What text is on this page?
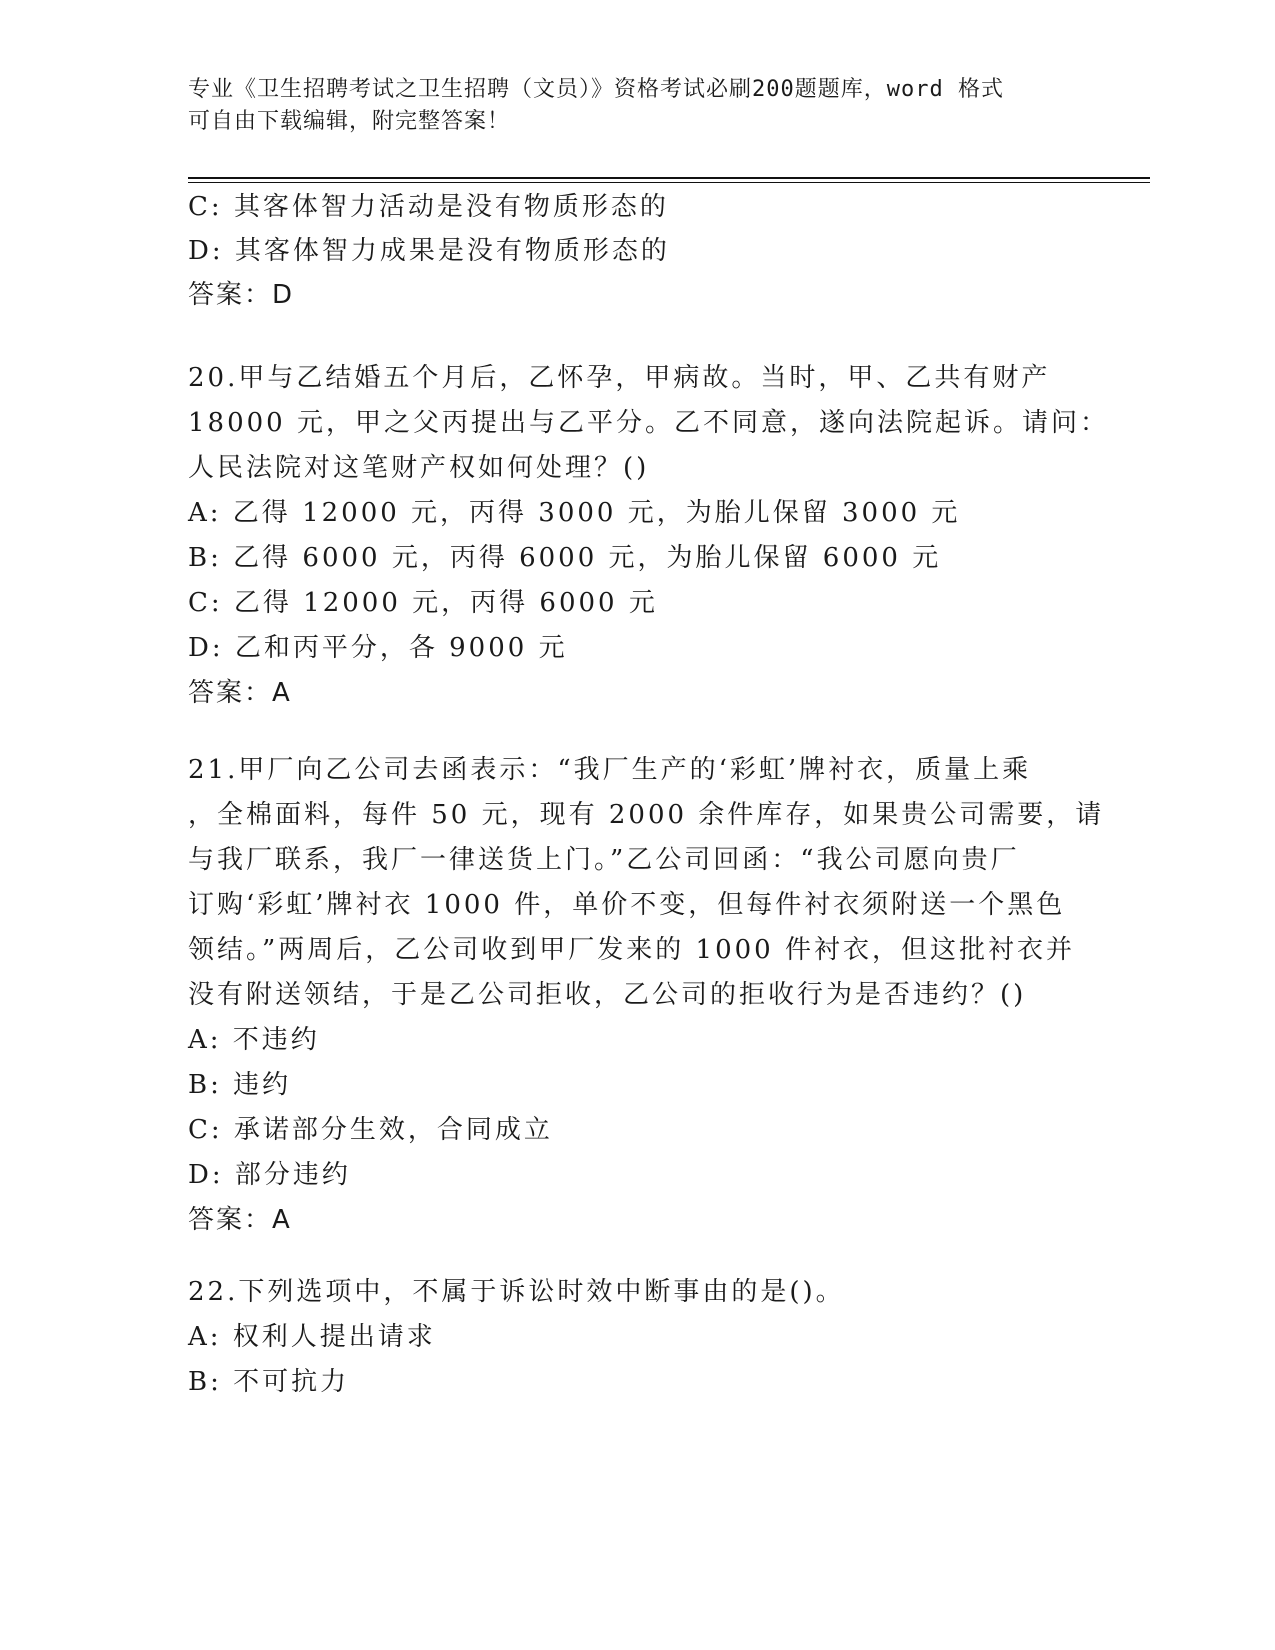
专业《卫生招聘考试之卫生招聘（文员）》资格考试必刷200题题库，word 格式
可自由下载编辑，附完整答案！
C: 其客体智力活动是没有物质形态的
D: 其客体智力成果是没有物质形态的
答案：D
20.甲与乙结婚五个月后，乙怀孕，甲病故。当时，甲、乙共有财产
18000 元，甲之父丙提出与乙平分。乙不同意，遂向法院起诉。请问：
人民法院对这笔财产权如何处理？()
A: 乙得 12000 元，丙得 3000 元，为胎儿保留 3000 元
B: 乙得 6000 元，丙得 6000 元，为胎儿保留 6000 元
C: 乙得 12000 元，丙得 6000 元
D: 乙和丙平分，各 9000 元
答案：A
21.甲厂向乙公司去函表示：“我厂生产的‘彩虹’牌衬衣，质量上乘
，全棉面料，每件 50 元，现有 2000 余件库存，如果贵公司需要，请
与我厂联系，我厂一律送货上门。”乙公司回函：“我公司愿向贵厂
订购‘彩虹’牌衬衣 1000 件，单价不变，但每件衬衣须附送一个黑色
领结。”两周后，乙公司收到甲厂发来的 1000 件衬衣，但这批衬衣并
没有附送领结，于是乙公司拒收，乙公司的拒收行为是否违约？()
A: 不违约
B: 违约
C: 承诺部分生效，合同成立
D: 部分违约
答案：A
22.下列选项中，不属于诉讼时效中断事由的是()。
A: 权利人提出请求
B: 不可抗力
